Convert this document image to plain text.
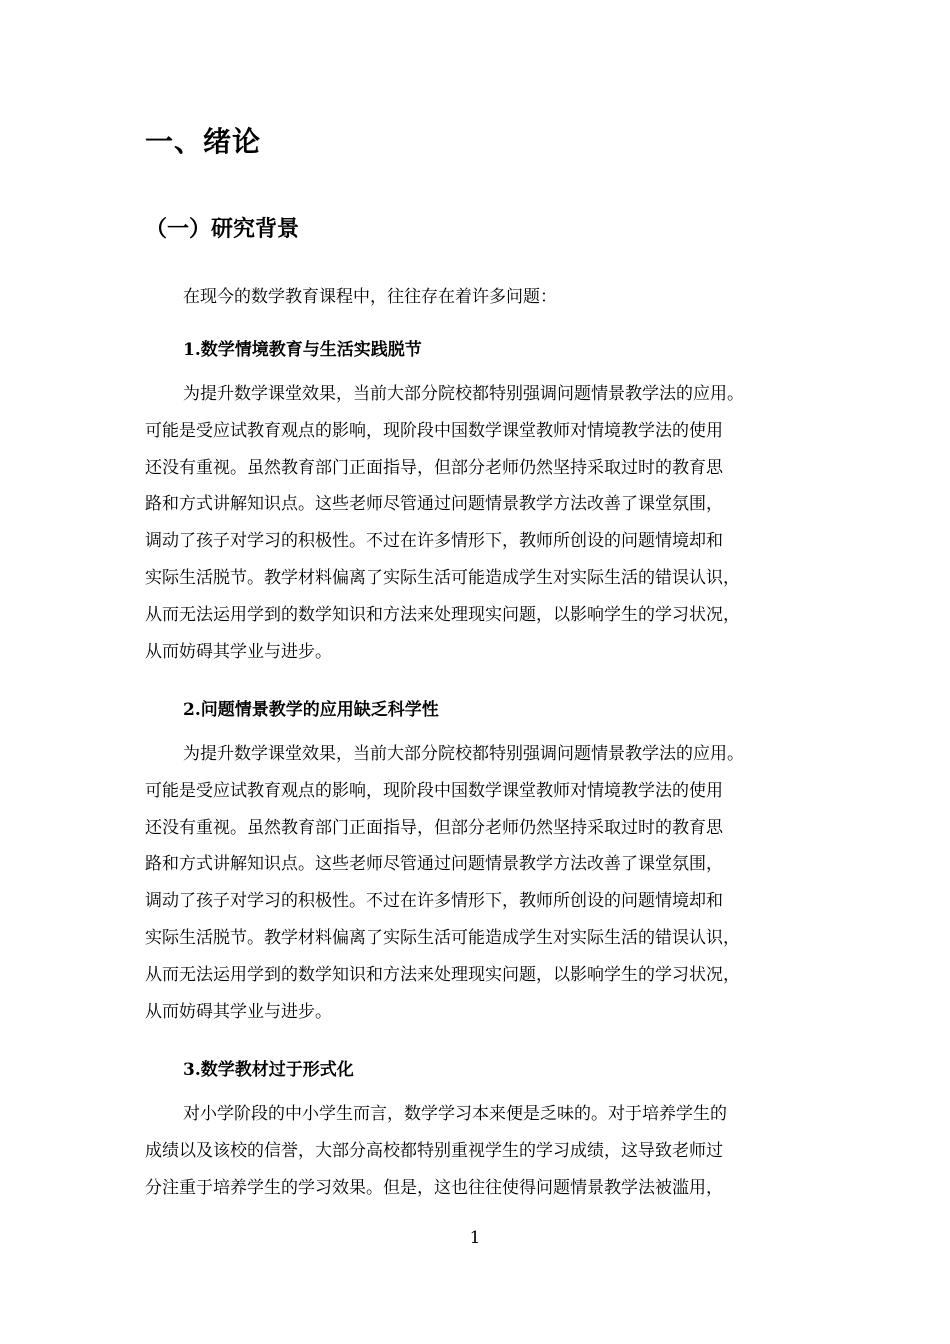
一、绪论
（一）研究背景

在现今的数学教育课程中，往往存在着许多问题：

1.数学情境教育与生活实践脱节
为提升数学课堂效果，当前大部分院校都特别强调问题情景教学法的应用。
可能是受应试教育观点的影响，现阶段中国数学课堂教师对情境教学法的使用
还没有重视。虽然教育部门正面指导，但部分老师仍然坚持采取过时的教育思
路和方式讲解知识点。这些老师尽管通过问题情景教学方法改善了课堂氛围，
调动了孩子对学习的积极性。不过在许多情形下，教师所创设的问题情境却和
实际生活脱节。教学材料偏离了实际生活可能造成学生对实际生活的错误认识，
从而无法运用学到的数学知识和方法来处理现实问题，以影响学生的学习状况，
从而妨碍其学业与进步。
2.问题情景教学的应用缺乏科学性
为提升数学课堂效果，当前大部分院校都特别强调问题情景教学法的应用。
可能是受应试教育观点的影响，现阶段中国数学课堂教师对情境教学法的使用
还没有重视。虽然教育部门正面指导，但部分老师仍然坚持采取过时的教育思
路和方式讲解知识点。这些老师尽管通过问题情景教学方法改善了课堂氛围，
调动了孩子对学习的积极性。不过在许多情形下，教师所创设的问题情境却和
实际生活脱节。教学材料偏离了实际生活可能造成学生对实际生活的错误认识，
从而无法运用学到的数学知识和方法来处理现实问题，以影响学生的学习状况，
从而妨碍其学业与进步。
3.数学教材过于形式化
对小学阶段的中小学生而言，数学学习本来便是乏味的。对于培养学生的
成绩以及该校的信誉，大部分高校都特别重视学生的学习成绩，这导致老师过
分注重于培养学生的学习效果。但是，这也往往使得问题情景教学法被滥用，
1
